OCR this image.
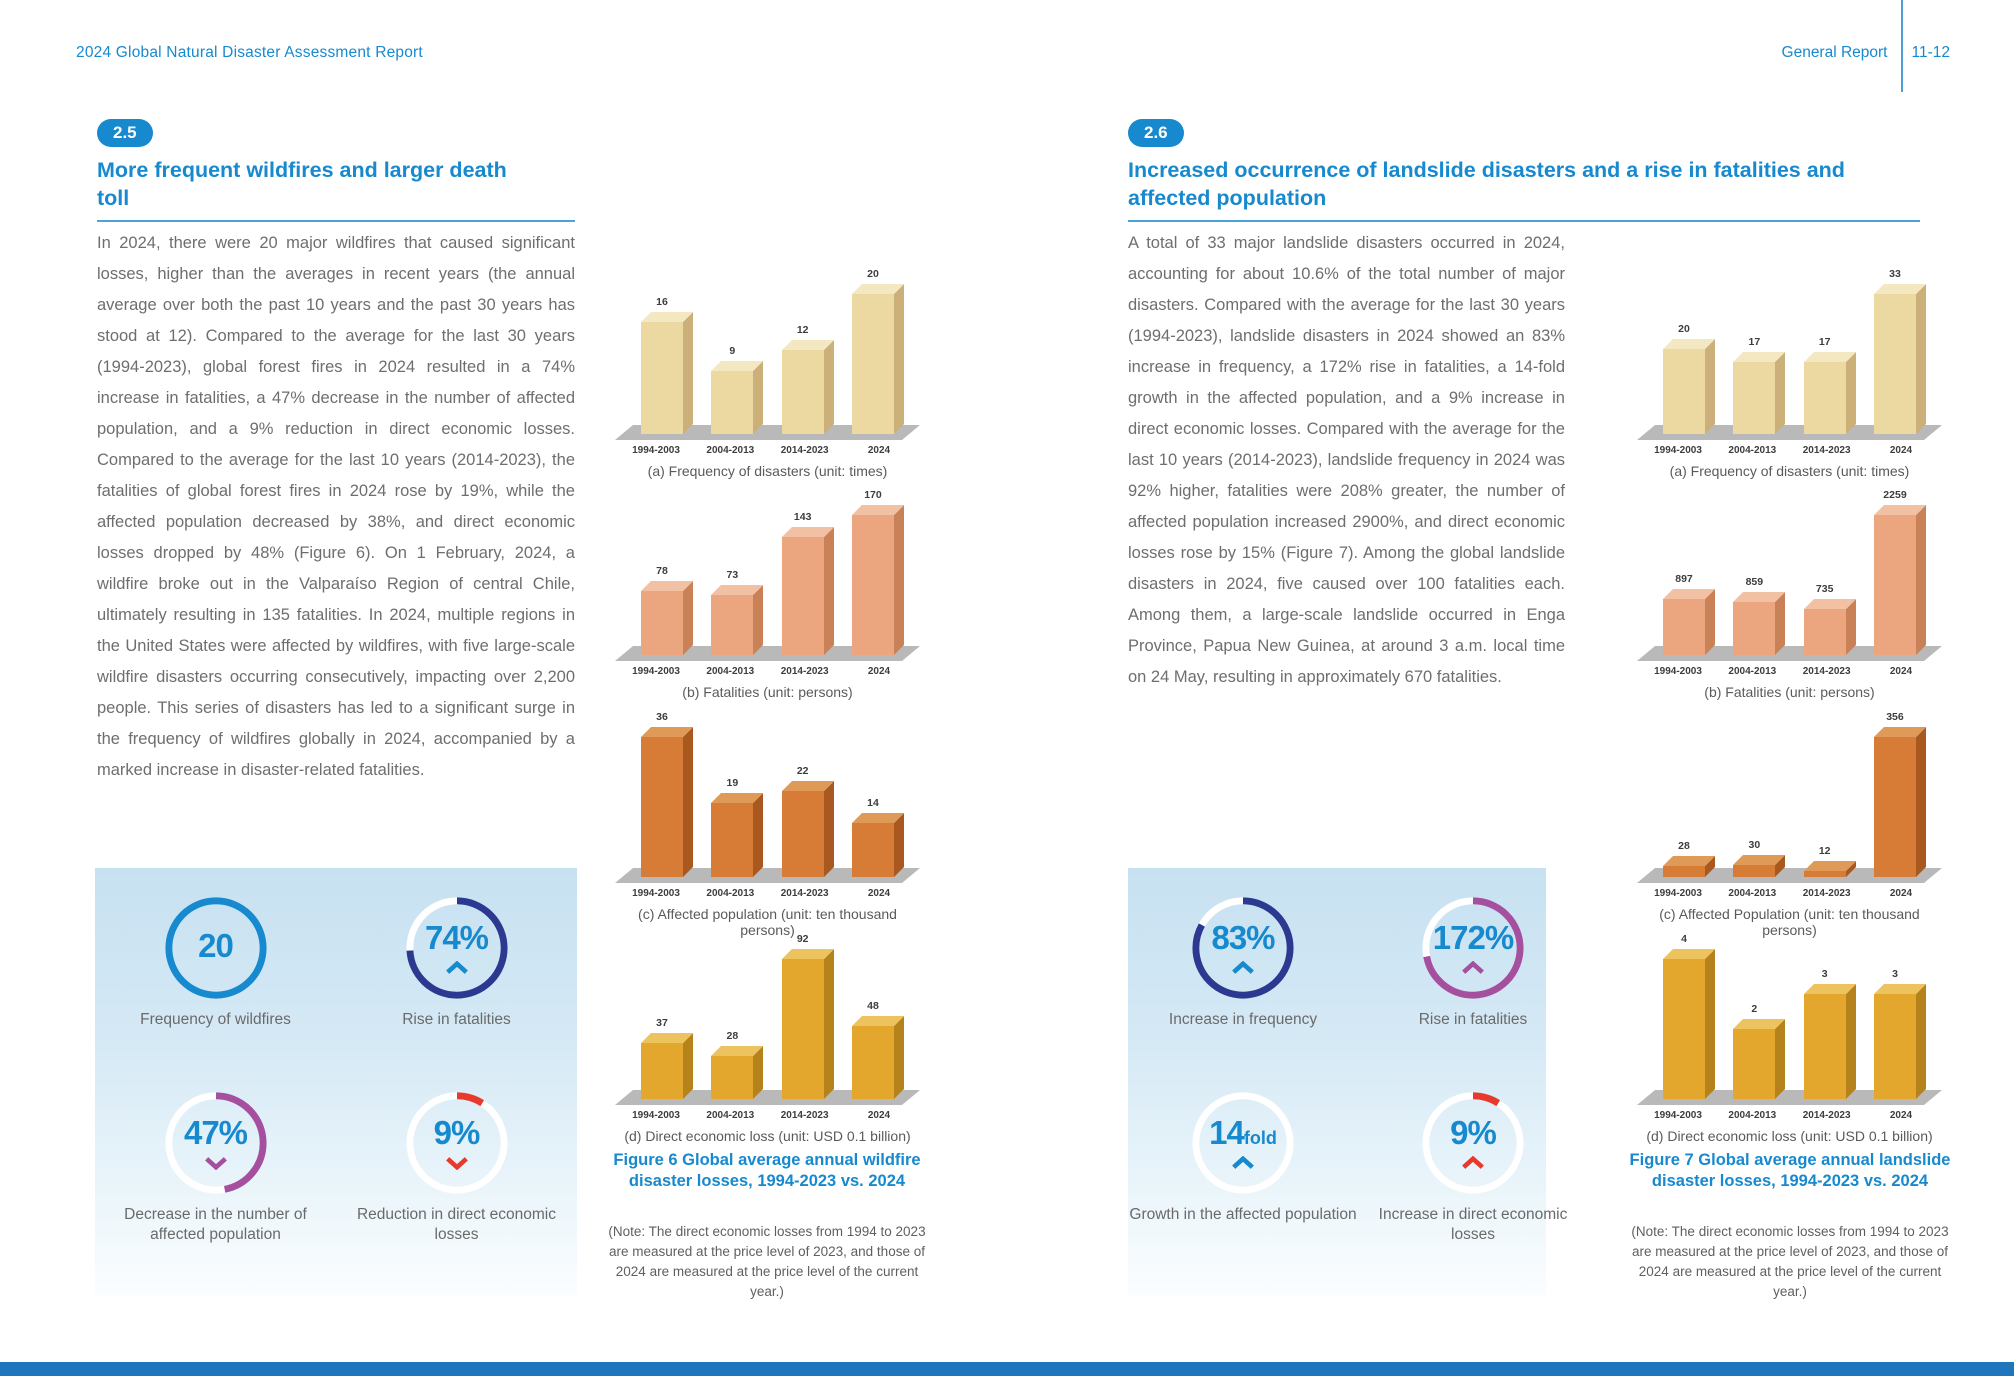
2024 Global Natural Disaster Assessment Report	General Report 11-12
2.5
More frequent wildfires and larger death toll
2.6
Increased occurrence of landslide disasters and a rise in fatalities and affected population
In 2024, there were 20 major wildfires that caused significant losses, higher than the averages in recent years (the annual average over both the past 10 years and the past 30 years has stood at 12). Compared to the average for the last 30 years (1994-2023), global forest fires in 2024 resulted in a 74% increase in fatalities, a 47% decrease in the number of affected population, and a 9% reduction in direct economic losses. Compared to the average for the last 10 years (2014-2023), the fatalities of global forest fires in 2024 rose by 19%, while the affected population decreased by 38%, and direct economic losses dropped by 48% (Figure 6). On 1 February, 2024, a wildfire broke out in the Valparaíso Region of central Chile, ultimately resulting in 135 fatalities. In 2024, multiple regions in the United States were affected by wildfires, with five large-scale wildfire disasters occurring consecutively, impacting over 2,200 people. This series of disasters has led to a significant surge in the frequency of wildfires globally in 2024, accompanied by a marked increase in disaster-related fatalities.
A total of 33 major landslide disasters occurred in 2024, accounting for about 10.6% of the total number of major disasters. Compared with the average for the last 30 years (1994-2023), landslide disasters in 2024 showed an 83% increase in frequency, a 172% rise in fatalities, a 14-fold growth in the affected population, and a 9% increase in direct economic losses. Compared with the average for the last 10 years (2014-2023), landslide frequency in 2024 was 92% higher, fatalities were 208% greater, the number of affected population increased 2900%, and direct economic losses rose by 15% (Figure 7). Among the global landslide disasters in 2024, five caused over 100 fatalities each. Among them, a large-scale landslide occurred in Enga Province, Papua New Guinea, at around 3 a.m. local time on 24 May, resulting in approximately 670 fatalities.
16
9
12
20
1994-2003	2004-2013	2014-2023	2024
(a) Frequency of disasters (unit: times)
78	73
143
170
1994-2003	2004-2013	2014-2023	2024
(b) Fatalities (unit: persons)
36
19
22
14
1994-2003	2004-2013	2014-2023	2024
(c) Affected population (unit: ten thousand persons)
37
28
92
48
1994-2003	2004-2013	2014-2023	2024
(d) Direct economic loss (unit: USD 0.1 billion)
Figure 6 Global average annual wildfire disaster losses, 1994-2023 vs. 2024
(Note: The direct economic losses from 1994 to 2023 are measured at the price level of 2023, and those of 2024 are measured at the price level of the current year.)
20
17	17
33
1994-2003	2004-2013	2014-2023	2024
(a) Frequency of disasters (unit: times)
897	859
735
2259
1994-2003	2004-2013	2014-2023	2024
(b) Fatalities (unit: persons)
28	30	12
356
1994-2003	2004-2013	2014-2023	2024
(c) Affected Population (unit: ten thousand persons)
4
2
3	3
1994-2003	2004-2013	2014-2023	2024
(d) Direct economic loss (unit: USD 0.1 billion)
Figure 7 Global average annual landslide disaster losses, 1994-2023 vs. 2024
(Note: The direct economic losses from 1994 to 2023 are measured at the price level of 2023, and those of 2024 are measured at the price level of the current year.)
20
Frequency of wildfires
74%
Rise in fatalities
47%
Decrease in the number of affected population
9%
Reduction in direct economic losses
83%
Increase in frequency
172%
Rise in fatalities
14fold
Growth in the affected population
9%
Increase in direct economic losses
